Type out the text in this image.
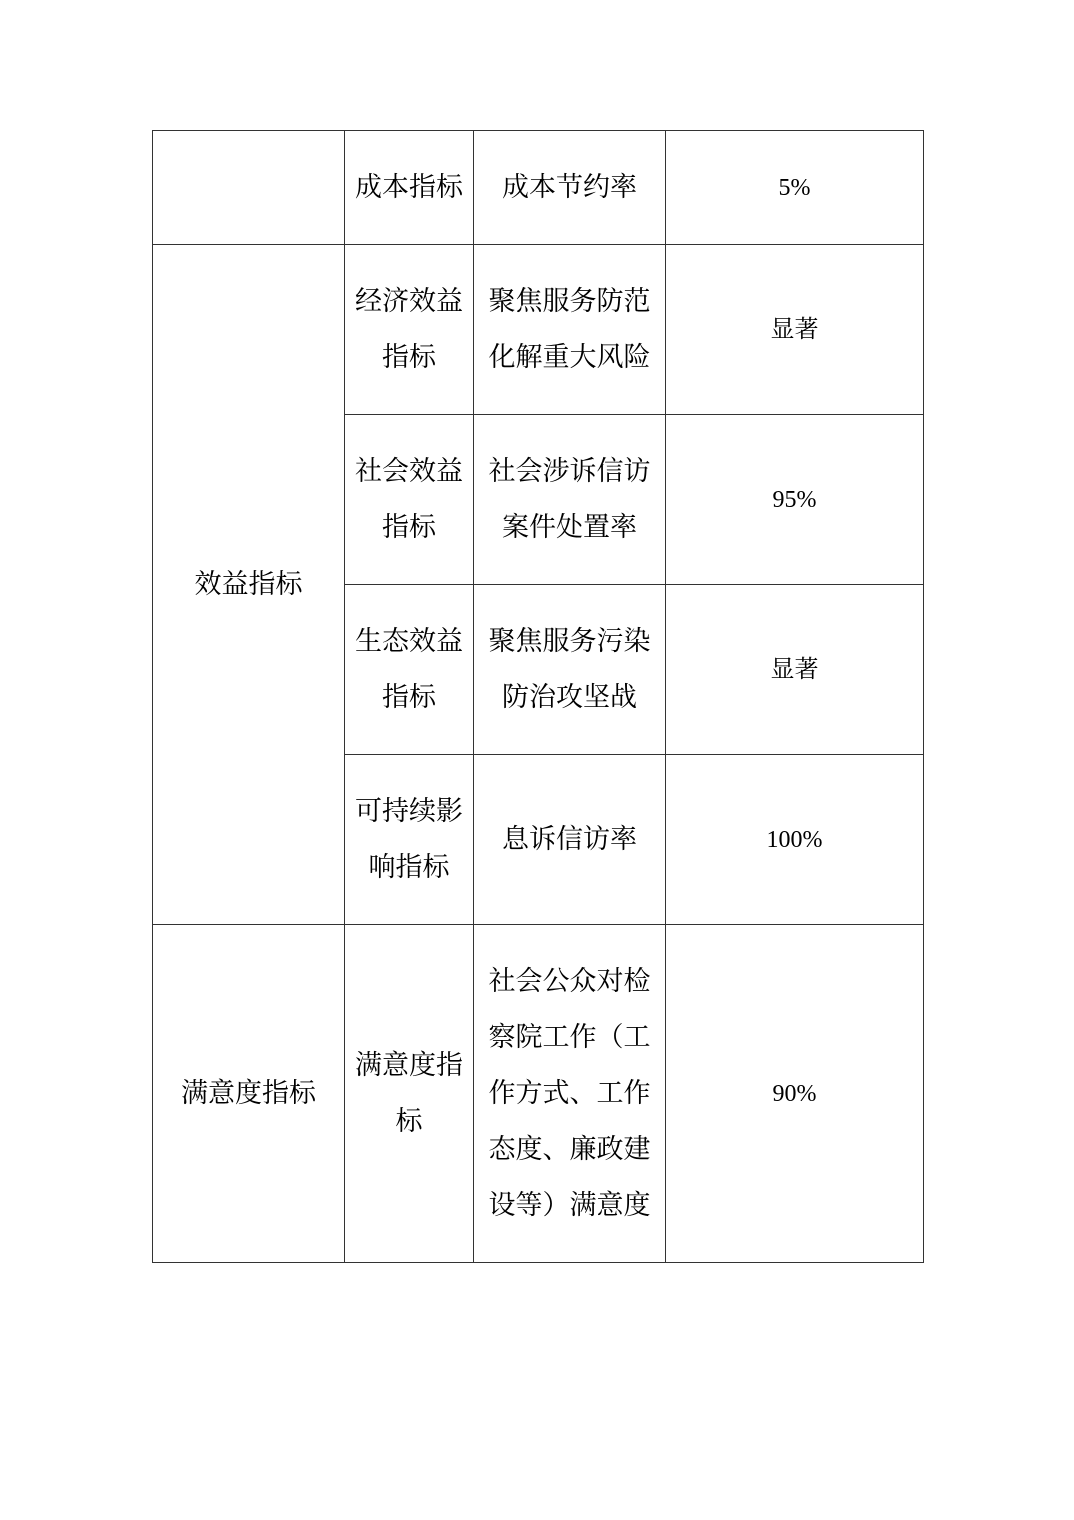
	成本指标	成本节约率	5%
效益指标	经济效益指标	聚焦服务防范化解重大风险	显著
	社会效益指标	社会涉诉信访案件处置率	95%
	生态效益指标	聚焦服务污染防治攻坚战	显著
	可持续影响指标	息诉信访率	100%
满意度指标	满意度指标	社会公众对检察院工作（工作方式、工作态度、廉政建设等）满意度	90%
